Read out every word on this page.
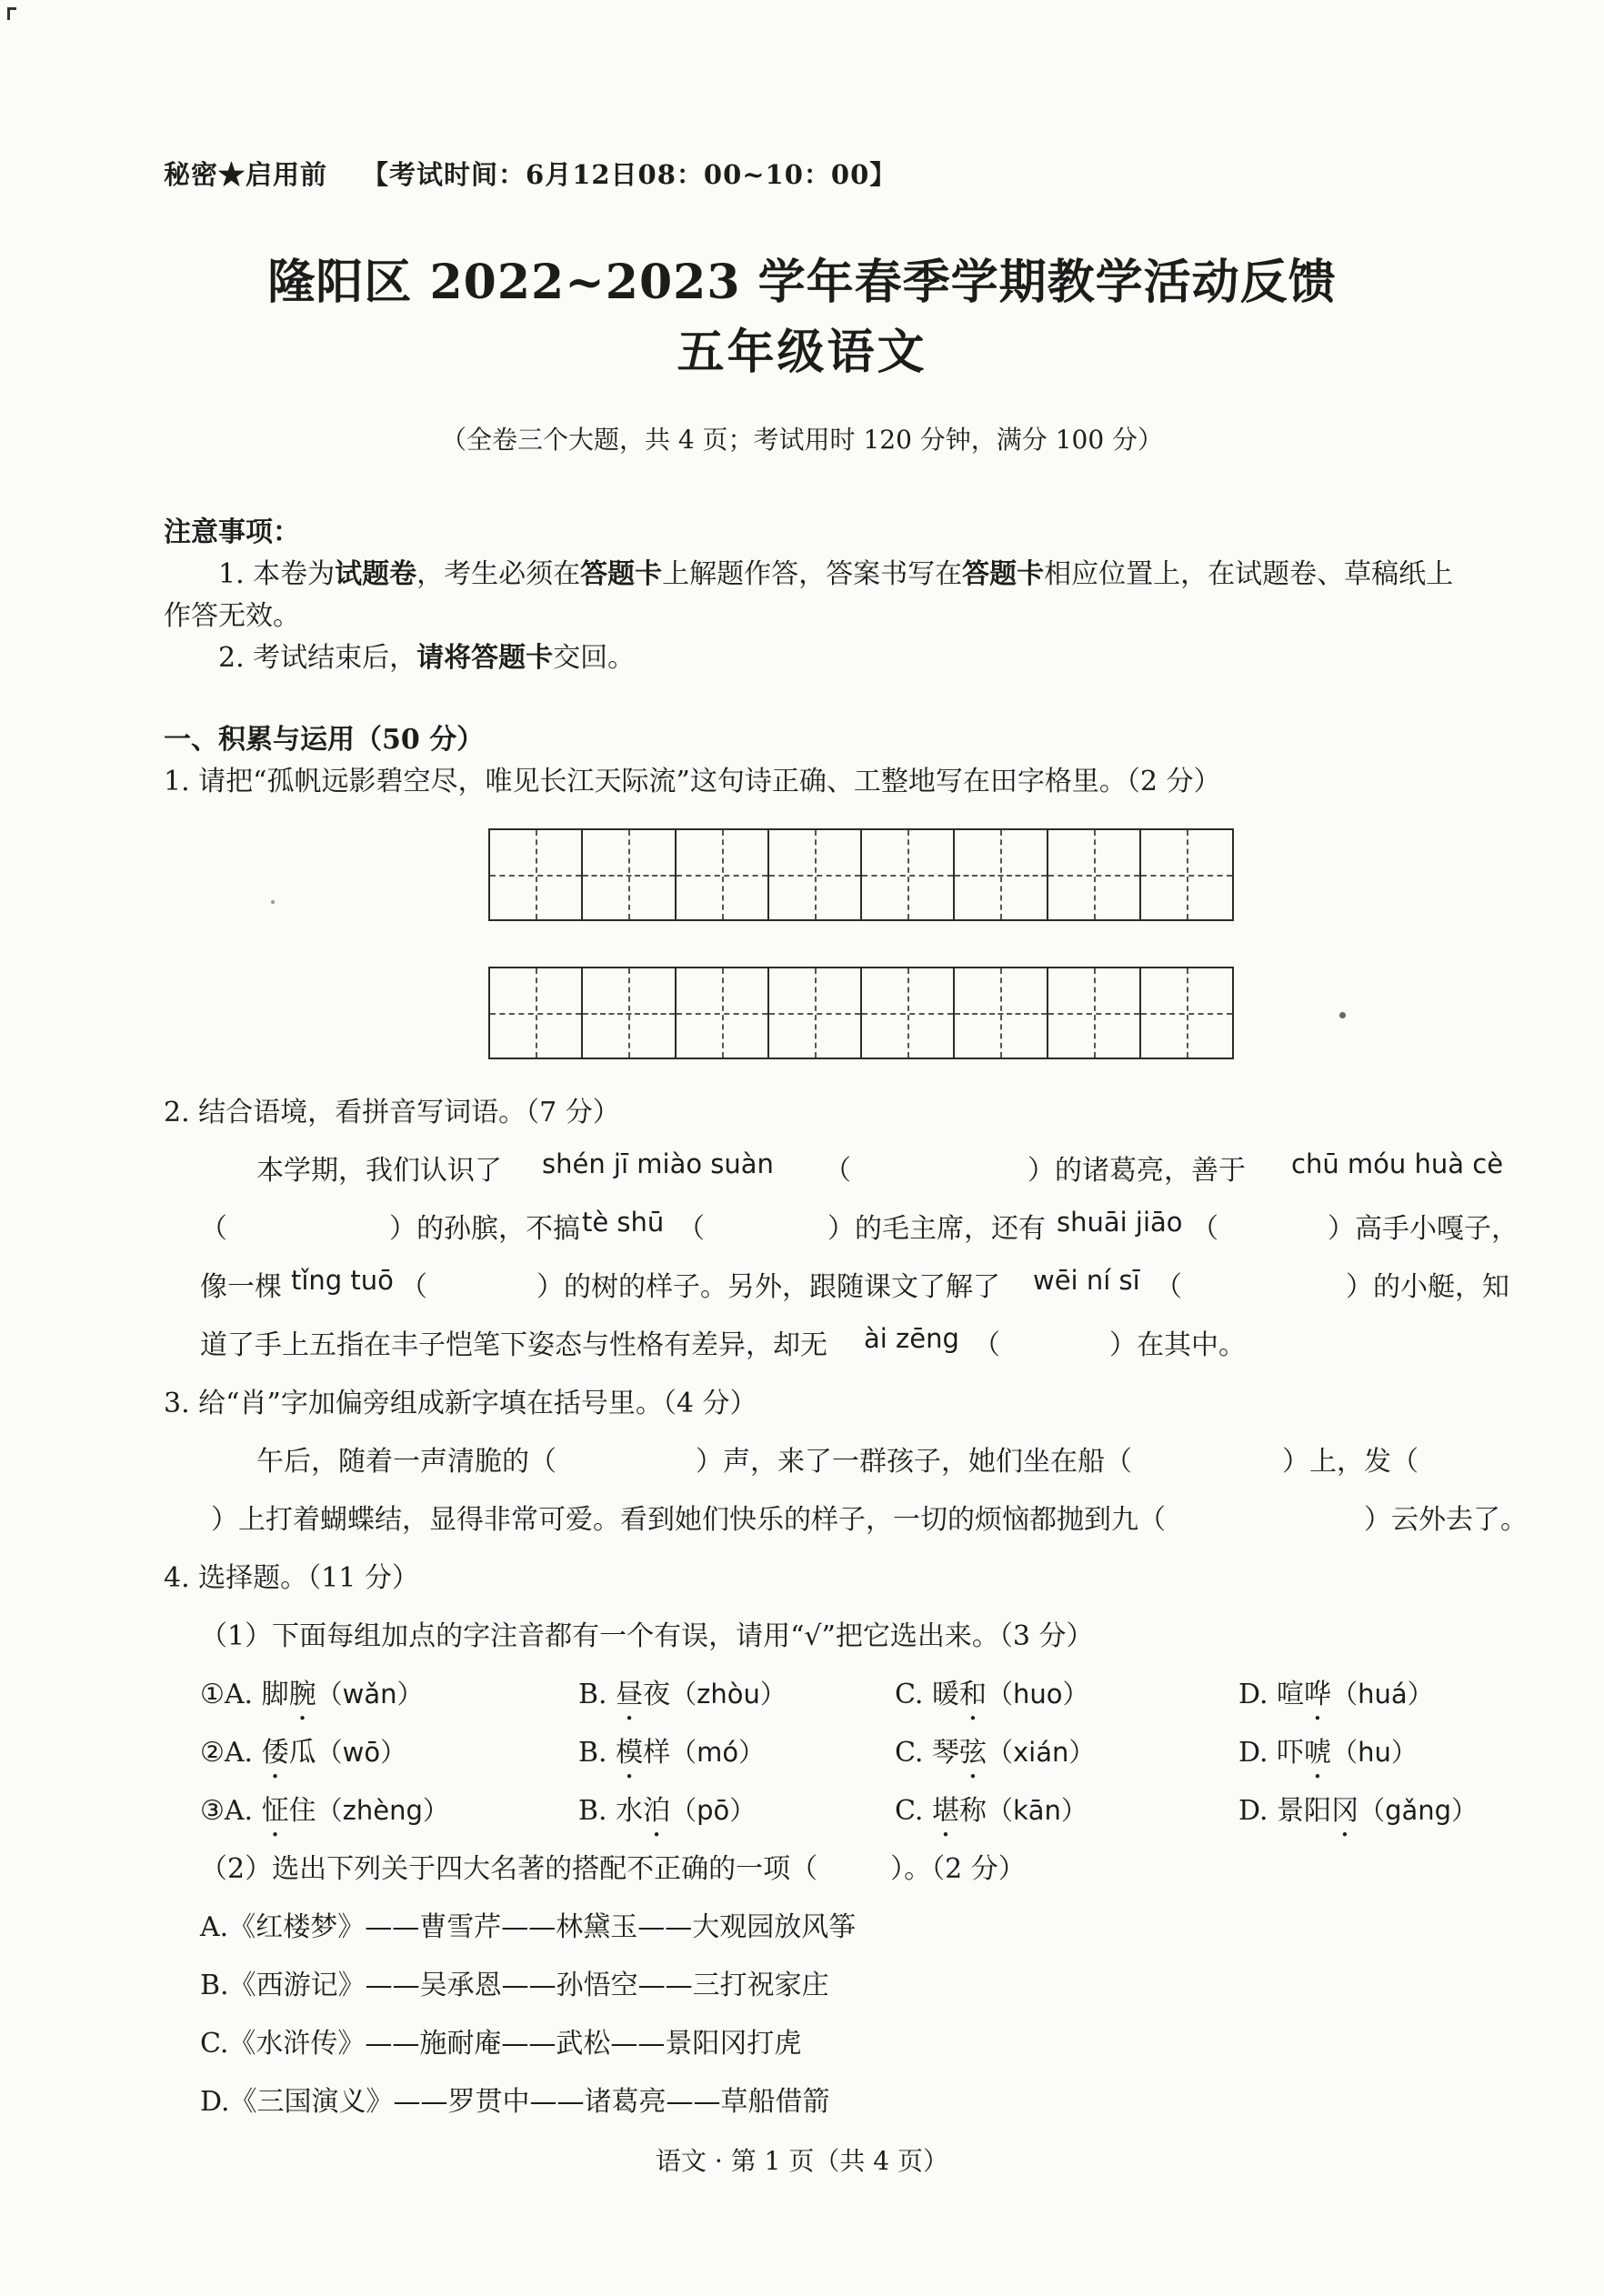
秘密★启用前 【考试时间：6月12日08：00~10：00】
隆阳区 2022~2023 学年春季学期教学活动反馈
五年级语文
（全卷三个大题，共 4 页；考试用时 120 分钟，满分 100 分）
注意事项：
1. 本卷为试题卷，考生必须在答题卡上解题作答，答案书写在答题卡相应位置上，在试题卷、草稿纸上
作答无效。
2. 考试结束后，请将答题卡交回。
一、积累与运用（50 分）
1. 请把“孤帆远影碧空尽，唯见长江天际流”这句诗正确、工整地写在田字格里。（2 分）
2. 结合语境，看拼音写词语。（7 分）
本学期，我们认识了 shén jī miào suàn （	）的诸葛亮，善于 chū móu huà cè
（	）的孙膑，不搞 tè shū （	）的毛主席，还有 shuāi jiāo （	）高手小嘎子，
像一棵 tǐng tuō （	）的树的样子。另外，跟随课文了解了 wēi ní sī （	）的小艇，知
道了手上五指在丰子恺笔下姿态与性格有差异，却无 ài zēng （	）在其中。
3. 给“肖”字加偏旁组成新字填在括号里。（4 分）
午后，随着一声清脆的（	）声，来了一群孩子，她们坐在船（	）上，发（
）上打着蝴蝶结，显得非常可爱。看到她们快乐的样子，一切的烦恼都抛到九（	）云外去了。
4. 选择题。（11 分）
（1）下面每组加点的字注音都有一个有误，请用“√”把它选出来。（3 分）
①A. 脚腕（wǎn）	B. 昼夜（zhòu）	C. 暖和（huo）	D. 喧哗（huá）
②A. 倭瓜（wō）	B. 模样（mó）	C. 琴弦（xián）	D. 吓唬（hu）
③A. 怔住（zhèng）	B. 水泊（pō）	C. 堪称（kān）	D. 景阳冈（gǎng）
（2）选出下列关于四大名著的搭配不正确的一项（	）。（2 分）
A.《红楼梦》——曹雪芹——林黛玉——大观园放风筝
B.《西游记》——吴承恩——孙悟空——三打祝家庄
C.《水浒传》——施耐庵——武松——景阳冈打虎
D.《三国演义》——罗贯中——诸葛亮——草船借箭
语文 · 第 1 页（共 4 页）
